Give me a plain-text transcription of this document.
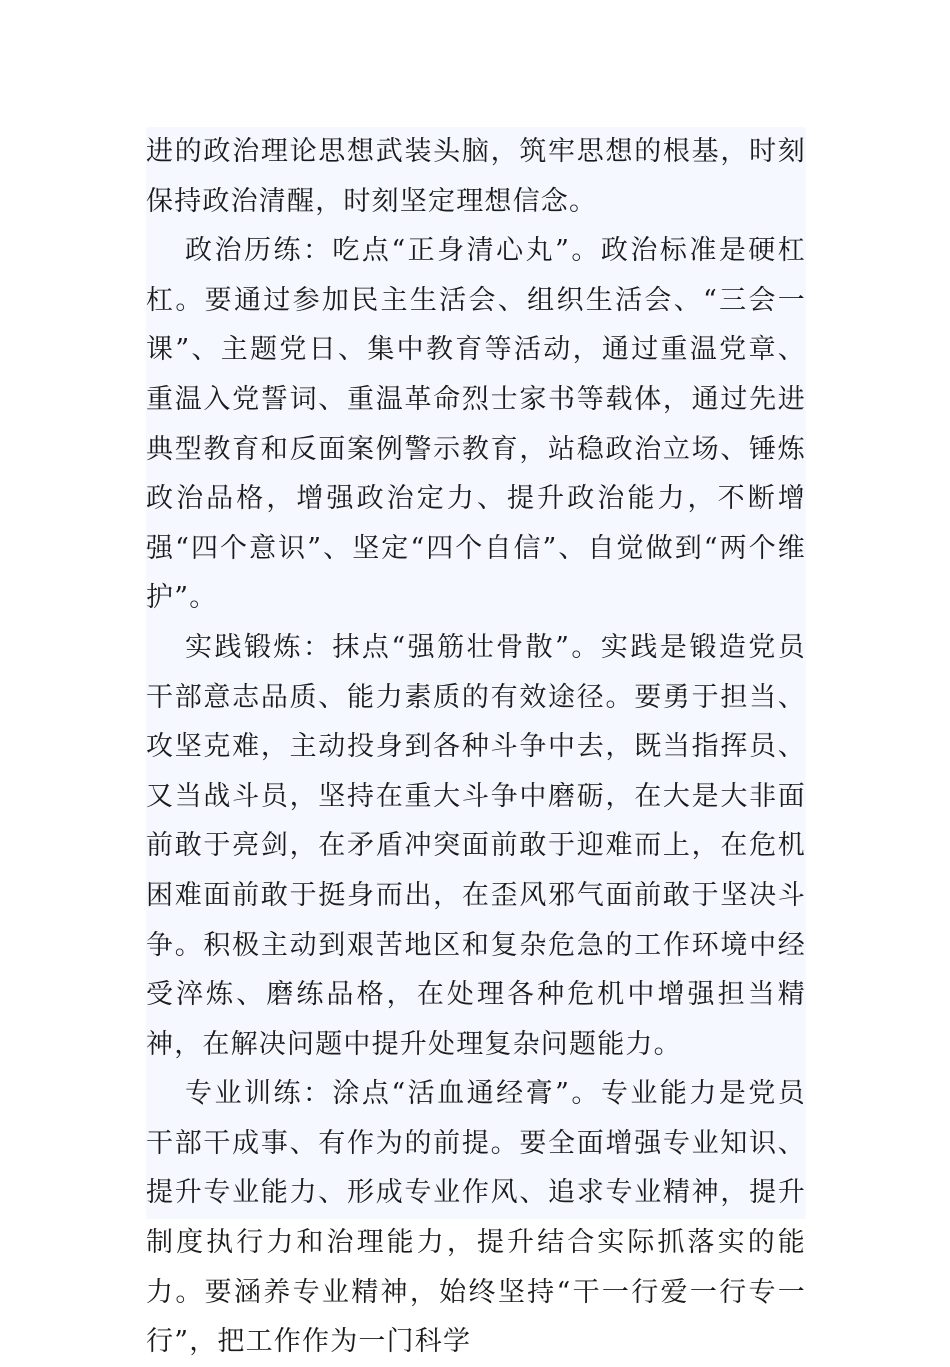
进的政治理论思想武装头脑，筑牢思想的根基，时刻保持政治清醒，时刻坚定理想信念。

政治历练：吃点“正身清心丸”。政治标准是硬杠杠。要通过参加民主生活会、组织生活会、“三会一课”、主题党日、集中教育等活动，通过重温党章、重温入党誓词、重温革命烈士家书等载体，通过先进典型教育和反面案例警示教育，站稳政治立场、锤炼政治品格，增强政治定力、提升政治能力，不断增强“四个意识”、坚定“四个自信”、自觉做到“两个维护”。

实践锻炼：抹点“强筋壮骨散”。实践是锻造党员干部意志品质、能力素质的有效途径。要勇于担当、攻坚克难，主动投身到各种斗争中去，既当指挥员、又当战斗员，坚持在重大斗争中磨砺，在大是大非面前敢于亮剑，在矛盾冲突面前敢于迎难而上，在危机困难面前敢于挺身而出，在歪风邪气面前敢于坚决斗争。积极主动到艰苦地区和复杂危急的工作环境中经受淬炼、磨练品格，在处理各种危机中增强担当精神，在解决问题中提升处理复杂问题能力。

专业训练：涂点“活血通经膏”。专业能力是党员干部干成事、有作为的前提。要全面增强专业知识、提升专业能力、形成专业作风、追求专业精神，提升制度执行力和治理能力，提升结合实际抓落实的能力。要涵养专业精神，始终坚持“干一行爱一行专一行”，把工作作为一门科学
